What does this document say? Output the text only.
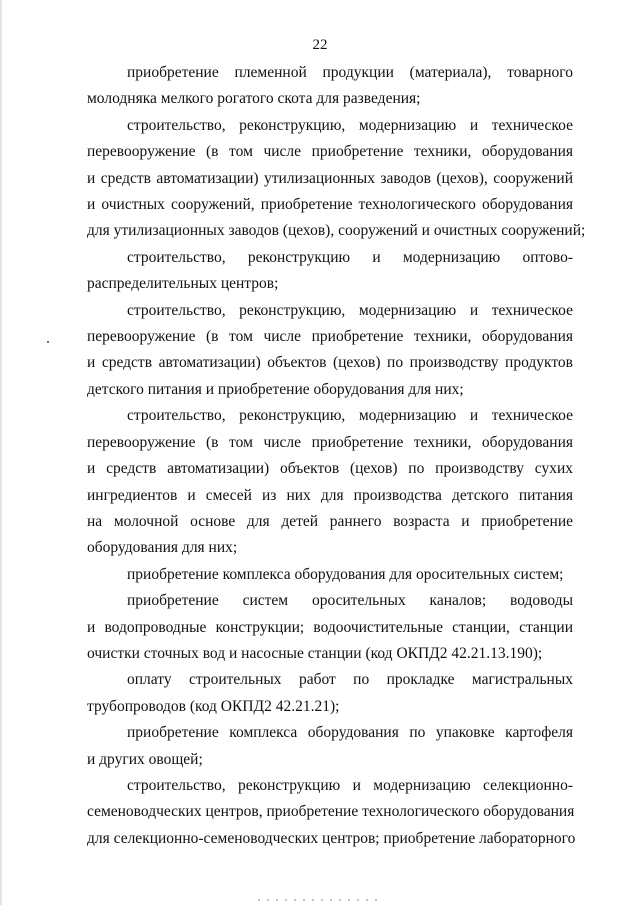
22
приобретение племенной продукции (материала), товарного
молодняка мелкого рогатого скота для разведения;
строительство, реконструкцию, модернизацию и техническое
перевооружение (в том числе приобретение техники, оборудования
и средств автоматизации) утилизационных заводов (цехов), сооружений
и очистных сооружений, приобретение технологического оборудования
для утилизационных заводов (цехов), сооружений и очистных сооружений;
строительство, реконструкцию и модернизацию оптово-
распределительных центров;
строительство, реконструкцию, модернизацию и техническое
перевооружение (в том числе приобретение техники, оборудования
и средств автоматизации) объектов (цехов) по производству продуктов
детского питания и приобретение оборудования для них;
строительство, реконструкцию, модернизацию и техническое
перевооружение (в том числе приобретение техники, оборудования
и средств автоматизации) объектов (цехов) по производству сухих
ингредиентов и смесей из них для производства детского питания
на молочной основе для детей раннего возраста и приобретение
оборудования для них;
приобретение комплекса оборудования для оросительных систем;
приобретение систем оросительных каналов; водоводы
и водопроводные конструкции; водоочистительные станции, станции
очистки сточных вод и насосные станции (код ОКПД2 42.21.13.190);
оплату строительных работ по прокладке магистральных
трубопроводов (код ОКПД2 42.21.21);
приобретение комплекса оборудования по упаковке картофеля
и других овощей;
строительство, реконструкцию и модернизацию селекционно-
семеноводческих центров, приобретение технологического оборудования
для селекционно-семеноводческих центров; приобретение лабораторного
